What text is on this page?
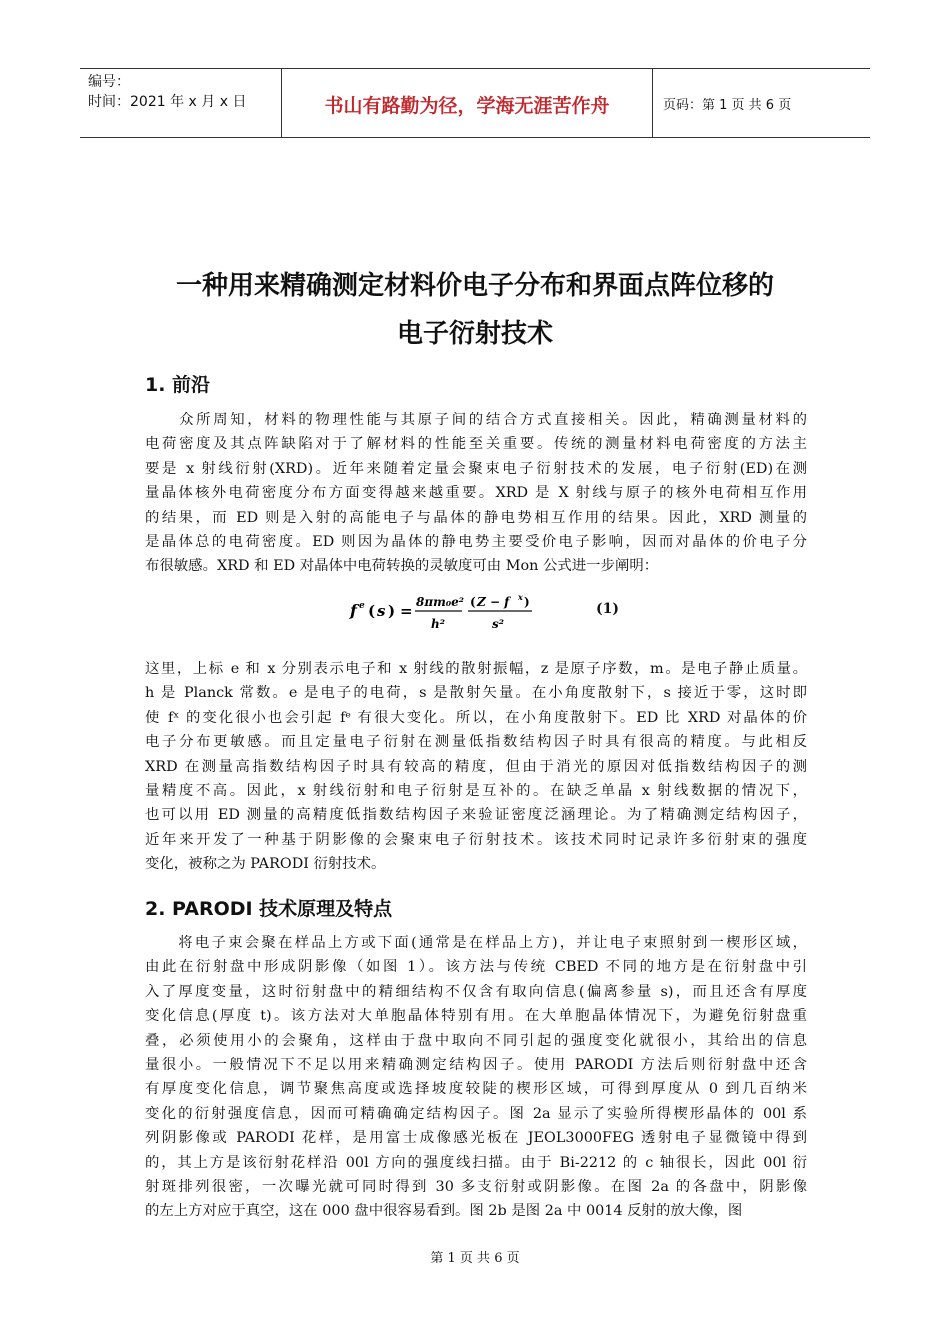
编号：
时间：2021 年 x 月 x 日	书山有路勤为径，学海无涯苦作舟	页码：第 1 页 共 6 页
一种用来精确测定材料价电子分布和界面点阵位移的
电子衍射技术
1. 前沿
　　众所周知，材料的物理性能与其原子间的结合方式直接相关。因此，精确测量材料的
电荷密度及其点阵缺陷对于了解材料的性能至关重要。传统的测量材料电荷密度的方法主
要是 x 射线衍射(XRD)。近年来随着定量会聚束电子衍射技术的发展，电子衍射(ED)在测
量晶体核外电荷密度分布方面变得越来越重要。XRD 是 X 射线与原子的核外电荷相互作用
的结果，而 ED 则是入射的高能电子与晶体的静电势相互作用的结果。因此，XRD 测量的
是晶体总的电荷密度。ED 则因为晶体的静电势主要受价电子影响，因而对晶体的价电子分
布很敏感。XRD 和 ED 对晶体中电荷转换的灵敏度可由 Mon 公式进一步阐明：
f e ( s ) = 8πm₀e²
h²
( Z − f x )
s²
(1)
这里，上标 e 和 x 分别表示电子和 x 射线的散射振幅，z 是原子序数，m。是电子静止质量。
h 是 Planck 常数。e 是电子的电荷，s 是散射矢量。在小角度散射下，s 接近于零，这时即
使 fˣ 的变化很小也会引起 fᵉ 有很大变化。所以，在小角度散射下。ED 比 XRD 对晶体的价
电子分布更敏感。而且定量电子衍射在测量低指数结构因子时具有很高的精度。与此相反
XRD 在测量高指数结构因子时具有较高的精度，但由于消光的原因对低指数结构因子的测
量精度不高。因此，x 射线衍射和电子衍射是互补的。在缺乏单晶 x 射线数据的情况下，
也可以用 ED 测量的高精度低指数结构因子来验证密度泛涵理论。为了精确测定结构因子，
近年来开发了一种基于阴影像的会聚束电子衍射技术。该技术同时记录许多衍射束的强度
变化，被称之为 PARODI 衍射技术。
2. PARODI 技术原理及特点
　　将电子束会聚在样品上方或下面(通常是在样品上方)，并让电子束照射到一楔形区域，
由此在衍射盘中形成阴影像（如图 1）。该方法与传统 CBED 不同的地方是在衍射盘中引
入了厚度变量，这时衍射盘中的精细结构不仅含有取向信息(偏离参量 s)，而且还含有厚度
变化信息(厚度 t)。该方法对大单胞晶体特别有用。在大单胞晶体情况下，为避免衍射盘重
叠，必须使用小的会聚角，这样由于盘中取向不同引起的强度变化就很小，其给出的信息
量很小。一般情况下不足以用来精确测定结构因子。使用 PARODI 方法后则衍射盘中还含
有厚度变化信息，调节聚焦高度或选择坡度较陡的楔形区域，可得到厚度从 0 到几百纳米
变化的衍射强度信息，因而可精确确定结构因子。图 2a 显示了实验所得楔形晶体的 00l 系
列阴影像或 PARODI 花样，是用富士成像感光板在 JEOL3000FEG 透射电子显微镜中得到
的，其上方是该衍射花样沿 00l 方向的强度线扫描。由于 Bi-2212 的 c 轴很长，因此 00l 衍
射斑排列很密，一次曝光就可同时得到 30 多支衍射或阴影像。在图 2a 的各盘中，阴影像
的左上方对应于真空，这在 000 盘中很容易看到。图 2b 是图 2a 中 0014 反射的放大像，图
第 1 页 共 6 页
